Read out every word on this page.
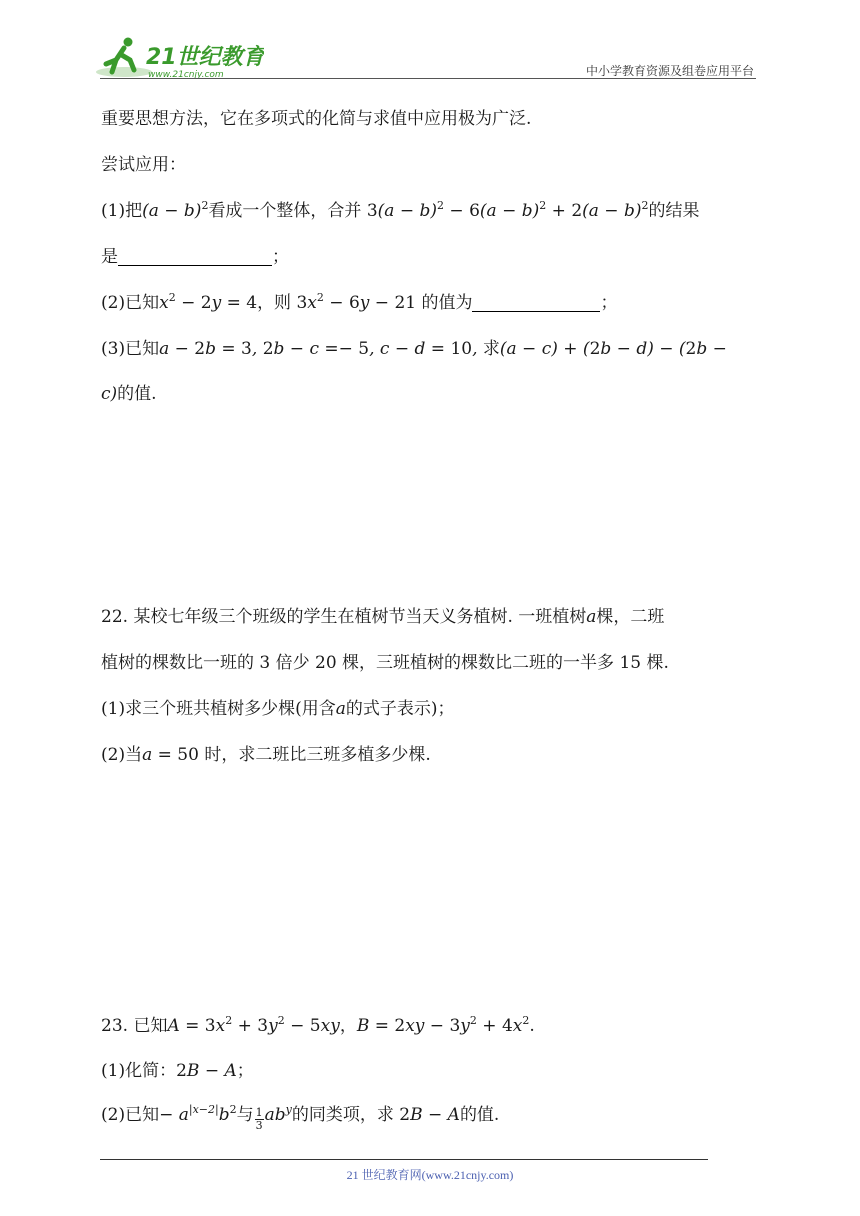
21世纪教育
www.21cnjy.com	中小学教育资源及组卷应用平台
重要思想方法，它在多项式的化简与求值中应用极为广泛.
尝试应用：
(1)把$(a - b)^2$看成一个整体，合并 $3(a - b)^2 - 6(a - b)^2 + 2(a - b)^2$的结果
是	；
(2)已知$x^2 - 2y = 4$，则 $3x^2 - 6y - 21$ 的值为	；
(3)已知a − 2b = 3, 2b − c =− 5, c − d = 10, 求(a − c) + (2b − d) − (2b −
c)的值.
22. 某校七年级三个班级的学生在植树节当天义务植树. 一班植树a棵，二班
植树的棵数比一班的 3 倍少 20 棵，三班植树的棵数比二班的一半多 15 棵.
(1)求三个班共植树多少棵(用含a的式子表示)；
(2)当a = 50 时，求二班比三班多植多少棵.
23. 已知$A = 3x^2 + 3y^2 - 5xy$，$B = 2xy - 3y^2 + 4x^2$.
(1)化简：2B − A；
(2)已知− $a^{|x-2|}b^2$与 $\frac{1}{3} ab^y$的同类项，求 2B − A的值.
21 世纪教育网(www.21cnjy.com)
